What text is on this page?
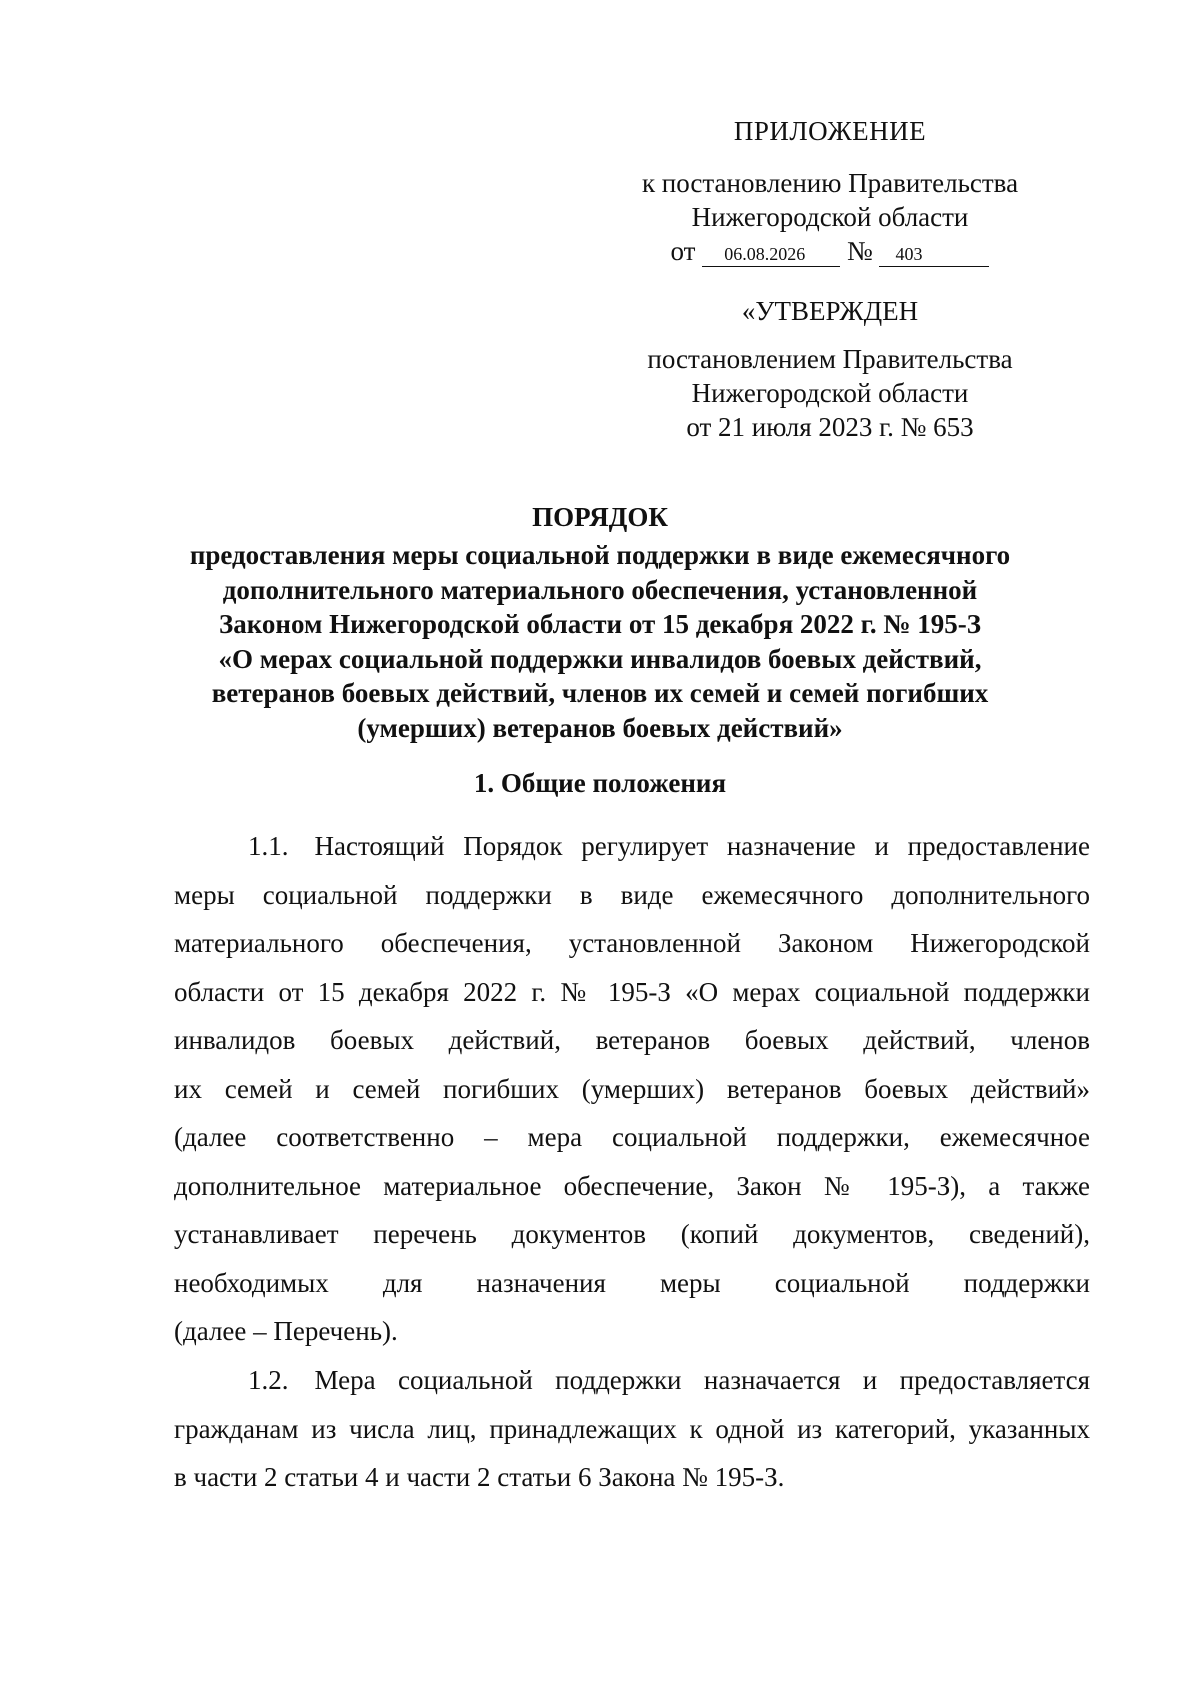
ПРИЛОЖЕНИЕ
к постановлению Правительства
Нижегородской области
от 06.08.2026 № 403
«УТВЕРЖДЕН
постановлением Правительства
Нижегородской области
от 21 июля 2023 г. № 653
ПОРЯДОК
предоставления меры социальной поддержки в виде ежемесячного
дополнительного материального обеспечения, установленной
Законом Нижегородской области от 15 декабря 2022 г. № 195-З
«О мерах социальной поддержки инвалидов боевых действий,
ветеранов боевых действий, членов их семей и семей погибших
(умерших) ветеранов боевых действий»
1. Общие положения
1.1. Настоящий Порядок регулирует назначение и предоставление
меры социальной поддержки в виде ежемесячного дополнительного
материального обеспечения, установленной Законом Нижегородской
области от 15 декабря 2022 г. № 195-З «О мерах социальной поддержки
инвалидов боевых действий, ветеранов боевых действий, членов
их семей и семей погибших (умерших) ветеранов боевых действий»
(далее соответственно – мера социальной поддержки, ежемесячное
дополнительное материальное обеспечение, Закон № 195-З), а также
устанавливает перечень документов (копий документов, сведений),
необходимых для назначения меры социальной поддержки
(далее – Перечень).
1.2. Мера социальной поддержки назначается и предоставляется
гражданам из числа лиц, принадлежащих к одной из категорий, указанных
в части 2 статьи 4 и части 2 статьи 6 Закона № 195-З.
